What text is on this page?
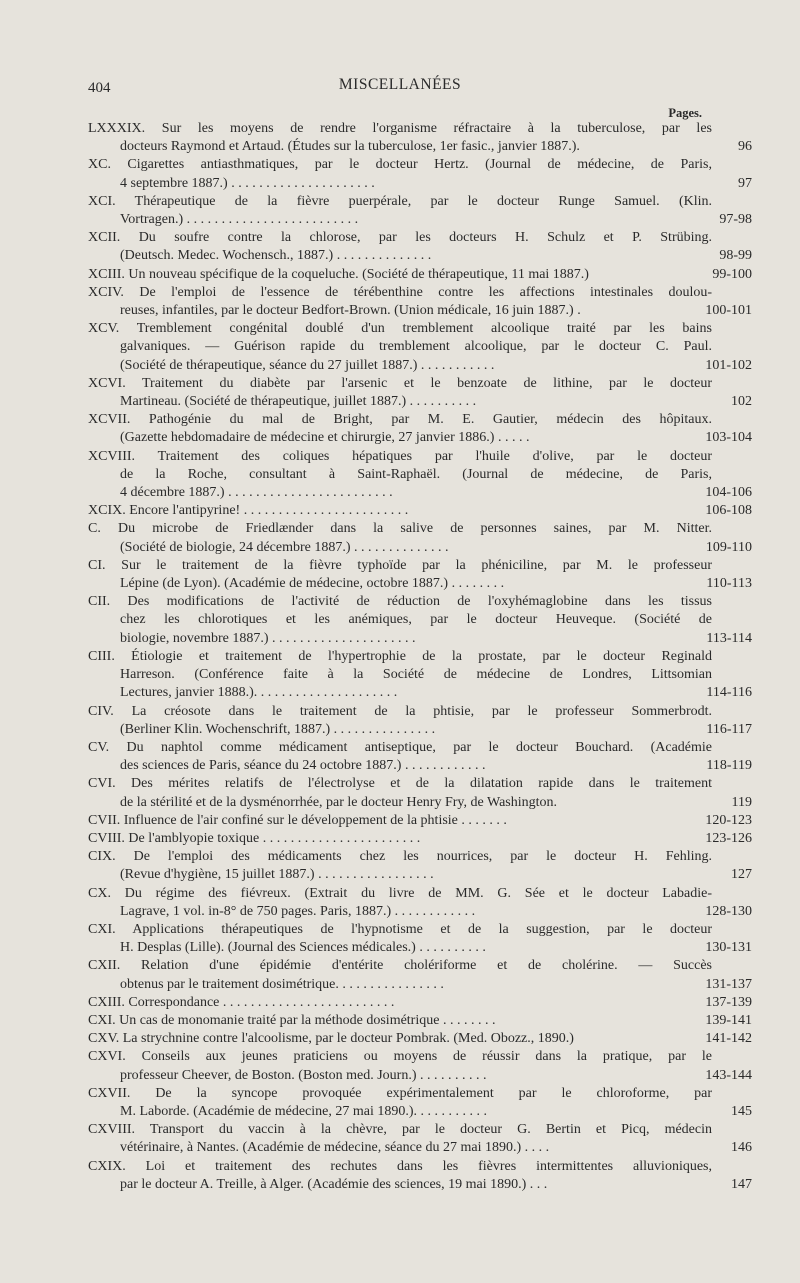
404	MISCELLANÉES
Pages.
LXXXIX. Sur les moyens de rendre l'organisme réfractaire à la tuberculose, par les
docteurs Raymond et Artaud. (Études sur la tuberculose, 1er fasic., janvier 1887.).	96
XC. Cigarettes antiasthmatiques, par le docteur Hertz. (Journal de médecine, de Paris,
4 septembre 1887.) . . . . . . . . . . . . . . . . . . . . .	97
XCI. Thérapeutique de la fièvre puerpérale, par le docteur Runge Samuel. (Klin.
Vortragen.) . . . . . . . . . . . . . . . . . . . . . . . . .	97-98
XCII. Du soufre contre la chlorose, par les docteurs H. Schulz et P. Strübing.
(Deutsch. Medec. Wochensch., 1887.) . . . . . . . . . . . . . .	98-99
XCIII. Un nouveau spécifique de la coqueluche. (Société de thérapeutique, 11 mai 1887.)	99-100
XCIV. De l'emploi de l'essence de térébenthine contre les affections intestinales doulou-
reuses, infantiles, par le docteur Bedfort-Brown. (Union médicale, 16 juin 1887.) .	100-101
XCV. Tremblement congénital doublé d'un tremblement alcoolique traité par les bains
galvaniques. — Guérison rapide du tremblement alcoolique, par le docteur C. Paul.
(Société de thérapeutique, séance du 27 juillet 1887.) . . . . . . . . . . .	101-102
XCVI. Traitement du diabète par l'arsenic et le benzoate de lithine, par le docteur
Martineau. (Société de thérapeutique, juillet 1887.) . . . . . . . . . .	102
XCVII. Pathogénie du mal de Bright, par M. E. Gautier, médecin des hôpitaux.
(Gazette hebdomadaire de médecine et chirurgie, 27 janvier 1886.) . . . . .	103-104
XCVIII. Traitement des coliques hépatiques par l'huile d'olive, par le docteur
de la Roche, consultant à Saint-Raphaël. (Journal de médecine, de Paris,
4 décembre 1887.) . . . . . . . . . . . . . . . . . . . . . . . .	104-106
XCIX. Encore l'antipyrine! . . . . . . . . . . . . . . . . . . . . . . . .	106-108
C. Du microbe de Friedlænder dans la salive de personnes saines, par M. Nitter.
(Société de biologie, 24 décembre 1887.) . . . . . . . . . . . . . .	109-110
CI. Sur le traitement de la fièvre typhoïde par la phéniciline, par M. le professeur
Lépine (de Lyon). (Académie de médecine, octobre 1887.) . . . . . . . .	110-113
CII. Des modifications de l'activité de réduction de l'oxyhémaglobine dans les tissus
chez les chlorotiques et les anémiques, par le docteur Heuveque. (Société de
biologie, novembre 1887.) . . . . . . . . . . . . . . . . . . . . .	113-114
CIII. Étiologie et traitement de l'hypertrophie de la prostate, par le docteur Reginald
Harreson. (Conférence faite à la Société de médecine de Londres, Littsomian
Lectures, janvier 1888.). . . . . . . . . . . . . . . . . . . . .	114-116
CIV. La créosote dans le traitement de la phtisie, par le professeur Sommerbrodt.
(Berliner Klin. Wochenschrift, 1887.) . . . . . . . . . . . . . . .	116-117
CV. Du naphtol comme médicament antiseptique, par le docteur Bouchard. (Académie
des sciences de Paris, séance du 24 octobre 1887.) . . . . . . . . . . . .	118-119
CVI. Des mérites relatifs de l'électrolyse et de la dilatation rapide dans le traitement
de la stérilité et de la dysménorrhée, par le docteur Henry Fry, de Washington.	119
CVII. Influence de l'air confiné sur le développement de la phtisie . . . . . . .	120-123
CVIII. De l'amblyopie toxique . . . . . . . . . . . . . . . . . . . . . . .	123-126
CIX. De l'emploi des médicaments chez les nourrices, par le docteur H. Fehling.
(Revue d'hygiène, 15 juillet 1887.) . . . . . . . . . . . . . . . . .	127
CX. Du régime des fiévreux. (Extrait du livre de MM. G. Sée et le docteur Labadie-
Lagrave, 1 vol. in-8° de 750 pages. Paris, 1887.) . . . . . . . . . . . .	128-130
CXI. Applications thérapeutiques de l'hypnotisme et de la suggestion, par le docteur
H. Desplas (Lille). (Journal des Sciences médicales.) . . . . . . . . . .	130-131
CXII. Relation d'une épidémie d'entérite cholériforme et de cholérine. — Succès
obtenus par le traitement dosimétrique. . . . . . . . . . . . . . . .	131-137
CXIII. Correspondance . . . . . . . . . . . . . . . . . . . . . . . . .	137-139
CXI. Un cas de monomanie traité par la méthode dosimétrique . . . . . . . .	139-141
CXV. La strychnine contre l'alcoolisme, par le docteur Pombrak. (Med. Obozz., 1890.)	141-142
CXVI. Conseils aux jeunes praticiens ou moyens de réussir dans la pratique, par le
professeur Cheever, de Boston. (Boston med. Journ.) . . . . . . . . . .	143-144
CXVII. De la syncope provoquée expérimentalement par le chloroforme, par
M. Laborde. (Académie de médecine, 27 mai 1890.). . . . . . . . . . .	145
CXVIII. Transport du vaccin à la chèvre, par le docteur G. Bertin et Picq, médecin
vétérinaire, à Nantes. (Académie de médecine, séance du 27 mai 1890.) . . . .	146
CXIX. Loi et traitement des rechutes dans les fièvres intermittentes alluvioniques,
par le docteur A. Treille, à Alger. (Académie des sciences, 19 mai 1890.) . . .	147
